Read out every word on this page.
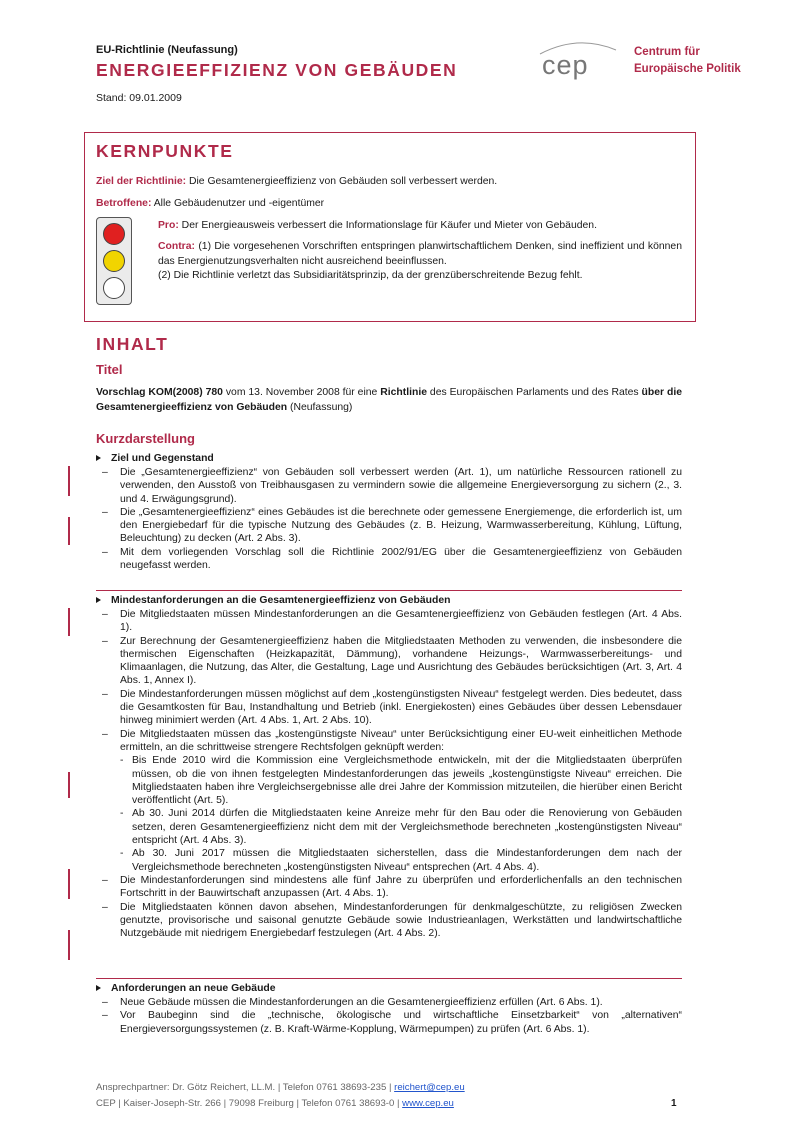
EU-Richtlinie (Neufassung)
ENERGIEEFFIZIENZ VON GEBÄUDEN
Stand: 09.01.2009
cep	Centrum für
Europäische Politik
KERNPUNKTE
Ziel der Richtlinie: Die Gesamtenergieeffizienz von Gebäuden soll verbessert werden.
Betroffene: Alle Gebäudenutzer und -eigentümer
Pro: Der Energieausweis verbessert die Informationslage für Käufer und Mieter von Gebäuden.
Contra: (1) Die vorgesehenen Vorschriften entspringen planwirtschaftlichem Denken, sind ineffizient und können das Energienutzungsverhalten nicht ausreichend beeinflussen.
(2) Die Richtlinie verletzt das Subsidiaritätsprinzip, da der grenzüberschreitende Bezug fehlt.
INHALT
Titel
Vorschlag KOM(2008) 780 vom 13. November 2008 für eine Richtlinie des Europäischen Parlaments und des Rates über die Gesamtenergieeffizienz von Gebäuden (Neufassung)
Kurzdarstellung
Ziel und Gegenstand
– Die „Gesamtenergieeffizienz“ von Gebäuden soll verbessert werden (Art. 1), um natürliche Ressourcen rationell zu verwenden, den Ausstoß von Treibhausgasen zu vermindern sowie die allgemeine Energieversorgung zu sichern (2., 3. und 4. Erwägungsgrund).
– Die „Gesamtenergieeffizienz“ eines Gebäudes ist die berechnete oder gemessene Energiemenge, die erforderlich ist, um den Energiebedarf für die typische Nutzung des Gebäudes (z. B. Heizung, Warmwasserbereitung, Kühlung, Lüftung, Beleuchtung) zu decken (Art. 2 Abs. 3).
– Mit dem vorliegenden Vorschlag soll die Richtlinie 2002/91/EG über die Gesamtenergieeffizienz von Gebäuden neugefasst werden.
Mindestanforderungen an die Gesamtenergieeffizienz von Gebäuden
– Die Mitgliedstaaten müssen Mindestanforderungen an die Gesamtenergieeffizienz von Gebäuden festlegen (Art. 4 Abs. 1).
– Zur Berechnung der Gesamtenergieeffizienz haben die Mitgliedstaaten Methoden zu verwenden, die insbesondere die thermischen Eigenschaften (Heizkapazität, Dämmung), vorhandene Heizungs-, Warmwasserbereitungs- und Klimaanlagen, die Nutzung, das Alter, die Gestaltung, Lage und Ausrichtung des Gebäudes berücksichtigen (Art. 3, Art. 4 Abs. 1, Annex I).
– Die Mindestanforderungen müssen möglichst auf dem „kostengünstigsten Niveau“ festgelegt werden. Dies bedeutet, dass die Gesamtkosten für Bau, Instandhaltung und Betrieb (inkl. Energiekosten) eines Gebäudes über dessen Lebensdauer hinweg minimiert werden (Art. 4 Abs. 1, Art. 2 Abs. 10).
– Die Mitgliedstaaten müssen das „kostengünstigste Niveau“ unter Berücksichtigung einer EU-weit einheitlichen Methode ermitteln, an die schrittweise strengere Rechtsfolgen geknüpft werden:
- Bis Ende 2010 wird die Kommission eine Vergleichsmethode entwickeln, mit der die Mitgliedstaaten überprüfen müssen, ob die von ihnen festgelegten Mindestanforderungen das jeweils „kostengünstigste Niveau“ erreichen. Die Mitgliedstaaten haben ihre Vergleichsergebnisse alle drei Jahre der Kommission mitzuteilen, die hierüber einen Bericht veröffentlicht (Art. 5).
- Ab 30. Juni 2014 dürfen die Mitgliedstaaten keine Anreize mehr für den Bau oder die Renovierung von Gebäuden setzen, deren Gesamtenergieeffizienz nicht dem mit der Vergleichsmethode berechneten „kostengünstigsten Niveau“ entspricht (Art. 4 Abs. 3).
- Ab 30. Juni 2017 müssen die Mitgliedstaaten sicherstellen, dass die Mindestanforderungen dem nach der Vergleichsmethode berechneten „kostengünstigsten Niveau“ entsprechen (Art. 4 Abs. 4).
– Die Mindestanforderungen sind mindestens alle fünf Jahre zu überprüfen und erforderlichenfalls an den technischen Fortschritt in der Bauwirtschaft anzupassen (Art. 4 Abs. 1).
– Die Mitgliedstaaten können davon absehen, Mindestanforderungen für denkmalgeschützte, zu religiösen Zwecken genutzte, provisorische und saisonal genutzte Gebäude sowie Industrieanlagen, Werkstätten und landwirtschaftliche Nutzgebäude mit niedrigem Energiebedarf festzulegen (Art. 4 Abs. 2).
Anforderungen an neue Gebäude
– Neue Gebäude müssen die Mindestanforderungen an die Gesamtenergieeffizienz erfüllen (Art. 6 Abs. 1).
– Vor Baubeginn sind die „technische, ökologische und wirtschaftliche Einsetzbarkeit“ von „alternativen“ Energieversorgungssystemen (z. B. Kraft-Wärme-Kopplung, Wärmepumpen) zu prüfen (Art. 6 Abs. 1).
Ansprechpartner: Dr. Götz Reichert, LL.M. | Telefon 0761 38693-235 | reichert@cep.eu
CEP | Kaiser-Joseph-Str. 266 | 79098 Freiburg | Telefon 0761 38693-0 | www.cep.eu	1
